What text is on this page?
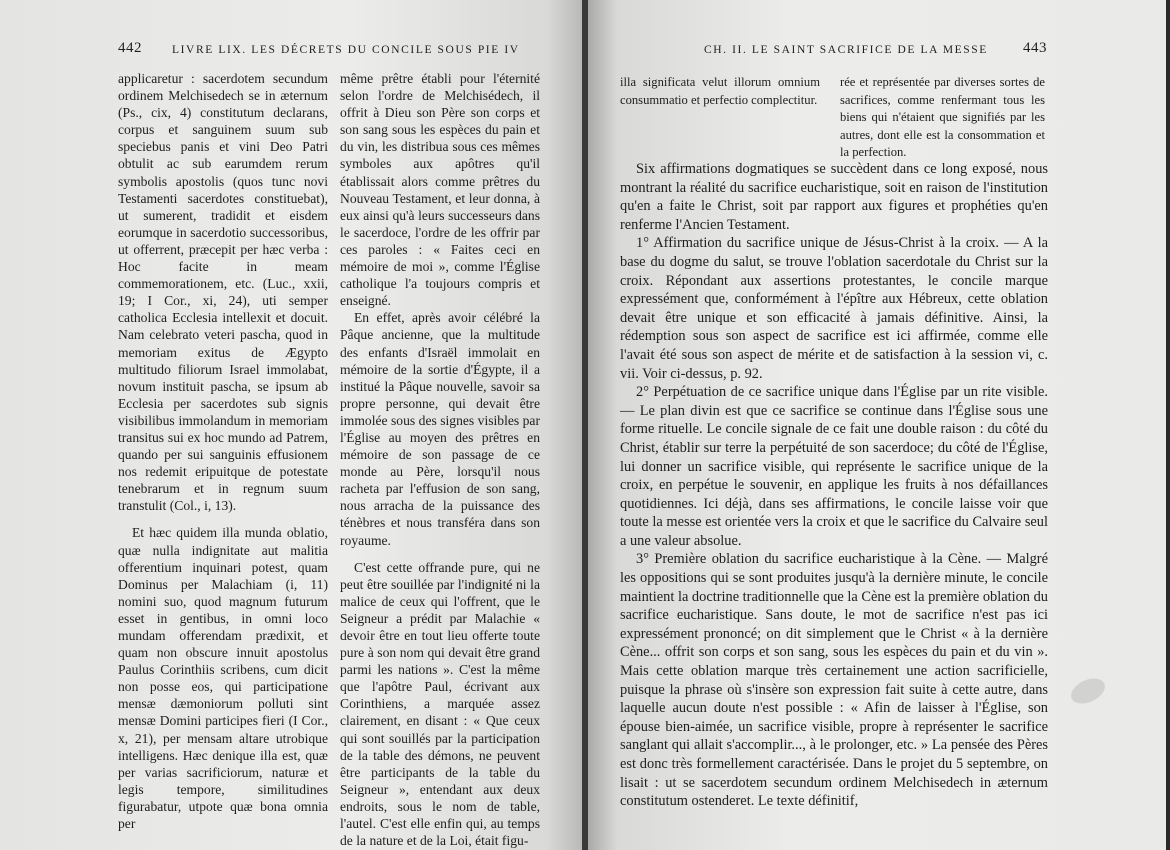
442	LIVRE LIX. LES DÉCRETS DU CONCILE SOUS PIE IV

applicaretur : sacerdotem secundum ordinem Melchisedech se in æternum (Ps., cix, 4) constitutum declarans, corpus et sanguinem suum sub speciebus panis et vini Deo Patri obtulit ac sub earumdem rerum symbolis apostolis (quos tunc novi Testamenti sacerdotes constituebat), ut sumerent, tradidit et eisdem eorumque in sacerdotio successoribus, ut offerrent, præcepit per hæc verba : Hoc facite in meam commemorationem, etc. (Luc., xxii, 19; I Cor., xi, 24), uti semper catholica Ecclesia intellexit et docuit. Nam celebrato veteri pascha, quod in memoriam exitus de Ægypto multitudo filiorum Israel immolabat, novum instituit pascha, se ipsum ab Ecclesia per sacerdotes sub signis visibilibus immolandum in memoriam transitus sui ex hoc mundo ad Patrem, quando per sui sanguinis effusionem nos redemit eripuitque de potestate tenebrarum et in regnum suum transtulit (Col., i, 13).

Et hæc quidem illa munda oblatio, quæ nulla indignitate aut malitia offerentium inquinari potest, quam Dominus per Malachiam (i, 11) nomini suo, quod magnum futurum esset in gentibus, in omni loco mundam offerendam prædixit, et quam non obscure innuit apostolus Paulus Corinthiis scribens, cum dicit non posse eos, qui participatione mensæ dæmoniorum polluti sint mensæ Domini participes fieri (I Cor., x, 21), per mensam altare utrobique intelligens. Hæc denique illa est, quæ per varias sacrificiorum, naturæ et legis tempore, similitudines figurabatur, utpote quæ bona omnia per

même prêtre établi pour l'éternité selon l'ordre de Melchisédech, il offrit à Dieu son Père son corps et son sang sous les espèces du pain et du vin, les distribua sous ces mêmes symboles aux apôtres qu'il établissait alors comme prêtres du Nouveau Testament, et leur donna, à eux ainsi qu'à leurs successeurs dans le sacerdoce, l'ordre de les offrir par ces paroles : « Faites ceci en mémoire de moi », comme l'Église catholique l'a toujours compris et enseigné.

En effet, après avoir célébré la Pâque ancienne, que la multitude des enfants d'Israël immolait en mémoire de la sortie d'Égypte, il a institué la Pâque nouvelle, savoir sa propre personne, qui devait être immolée sous des signes visibles par l'Église au moyen des prêtres en mémoire de son passage de ce monde au Père, lorsqu'il nous racheta par l'effusion de son sang, nous arracha de la puissance des ténèbres et nous transféra dans son royaume.

C'est cette offrande pure, qui ne peut être souillée par l'indignité ni la malice de ceux qui l'offrent, que le Seigneur a prédit par Malachie « devoir être en tout lieu offerte toute pure à son nom qui devait être grand parmi les nations ». C'est la même que l'apôtre Paul, écrivant aux Corinthiens, a marquée assez clairement, en disant : « Que ceux qui sont souillés par la participation de la table des démons, ne peuvent être participants de la table du Seigneur », entendant aux deux endroits, sous le nom de table, l'autel. C'est elle enfin qui, au temps de la nature et de la Loi, était figu-

CH. II. LE SAINT SACRIFICE DE LA MESSE 443
illa significata velut illorum omnium consummatio et perfectio complectitur.
rée et représentée par diverses sortes de sacrifices, comme renfermant tous les biens qui n'étaient que signifiés par les autres, dont elle est la consommation et la perfection.

Six affirmations dogmatiques se succèdent dans ce long exposé, nous montrant la réalité du sacrifice eucharistique, soit en raison de l'institution qu'en a faite le Christ, soit par rapport aux figures et prophéties qu'en renferme l'Ancien Testament.

1° Affirmation du sacrifice unique de Jésus-Christ à la croix. — A la base du dogme du salut, se trouve l'oblation sacerdotale du Christ sur la croix. Répondant aux assertions protestantes, le concile marque expressément que, conformément à l'épître aux Hébreux, cette oblation devait être unique et son efficacité à jamais définitive. Ainsi, la rédemption sous son aspect de sacrifice est ici affirmée, comme elle l'avait été sous son aspect de mérite et de satisfaction à la session vi, c. vii. Voir ci-dessus, p. 92.

2° Perpétuation de ce sacrifice unique dans l'Église par un rite visible. — Le plan divin est que ce sacrifice se continue dans l'Église sous une forme rituelle. Le concile signale de ce fait une double raison : du côté du Christ, établir sur terre la perpétuité de son sacerdoce; du côté de l'Église, lui donner un sacrifice visible, qui représente le sacrifice unique de la croix, en perpétue le souvenir, en applique les fruits à nos défaillances quotidiennes. Ici déjà, dans ses affirmations, le concile laisse voir que toute la messe est orientée vers la croix et que le sacrifice du Calvaire seul a une valeur absolue.

3° Première oblation du sacrifice eucharistique à la Cène. — Malgré les oppositions qui se sont produites jusqu'à la dernière minute, le concile maintient la doctrine traditionnelle que la Cène est la première oblation du sacrifice eucharistique. Sans doute, le mot de sacrifice n'est pas ici expressément prononcé; on dit simplement que le Christ « à la dernière Cène... offrit son corps et son sang, sous les espèces du pain et du vin ». Mais cette oblation marque très certainement une action sacrificielle, puisque la phrase où s'insère son expression fait suite à cette autre, dans laquelle aucun doute n'est possible : « Afin de laisser à l'Église, son épouse bien-aimée, un sacrifice visible, propre à représenter le sacrifice sanglant qui allait s'accomplir..., à le prolonger, etc. » La pensée des Pères est donc très formellement caractérisée. Dans le projet du 5 septembre, on lisait : ut se sacerdotem secundum ordinem Melchisedech in æternum constitutum ostenderet. Le texte définitif,
